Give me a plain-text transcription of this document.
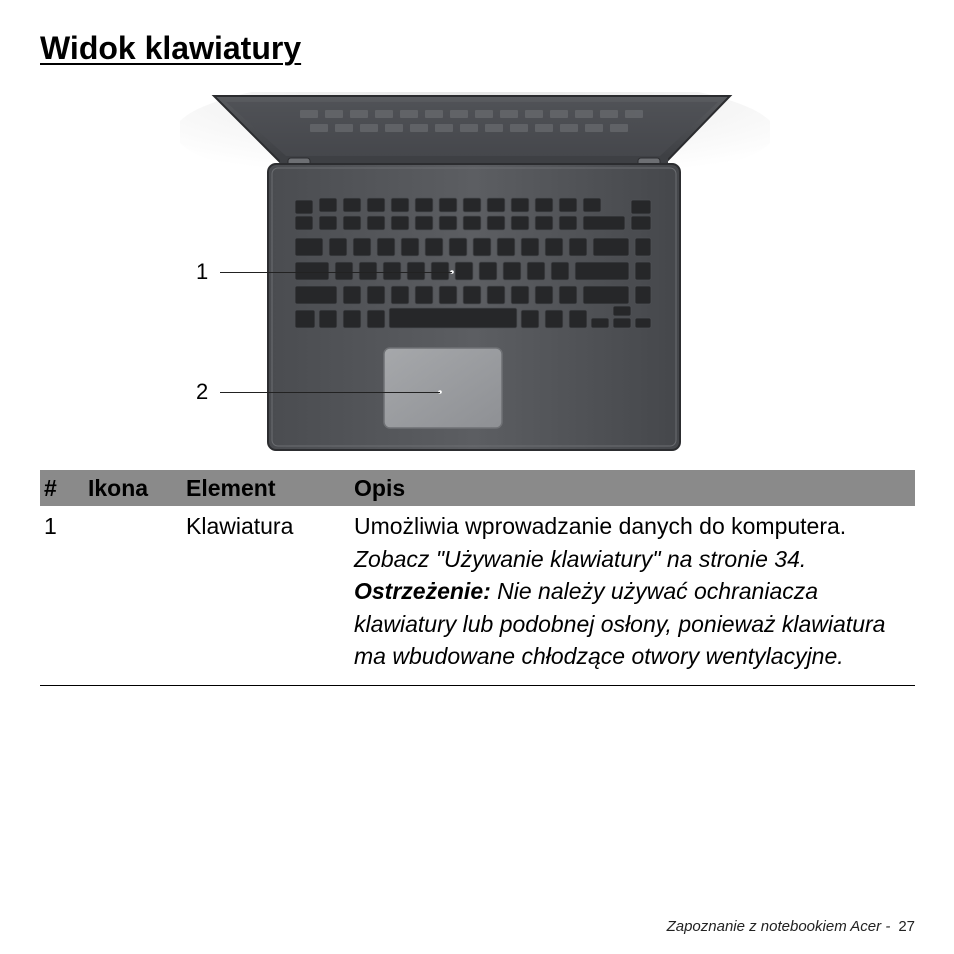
Widok klawiatury
1
2
#	Ikona	Element	Opis
1		Klawiatura	Umożliwia wprowadzanie danych do komputera.
Zobacz "Używanie klawiatury" na stronie 34.
Ostrzeżenie: Nie należy używać ochraniacza klawiatury lub podobnej osłony, ponieważ klawiatura ma wbudowane chłodzące otwory wentylacyjne.
Zapoznanie z notebookiem Acer - 27
